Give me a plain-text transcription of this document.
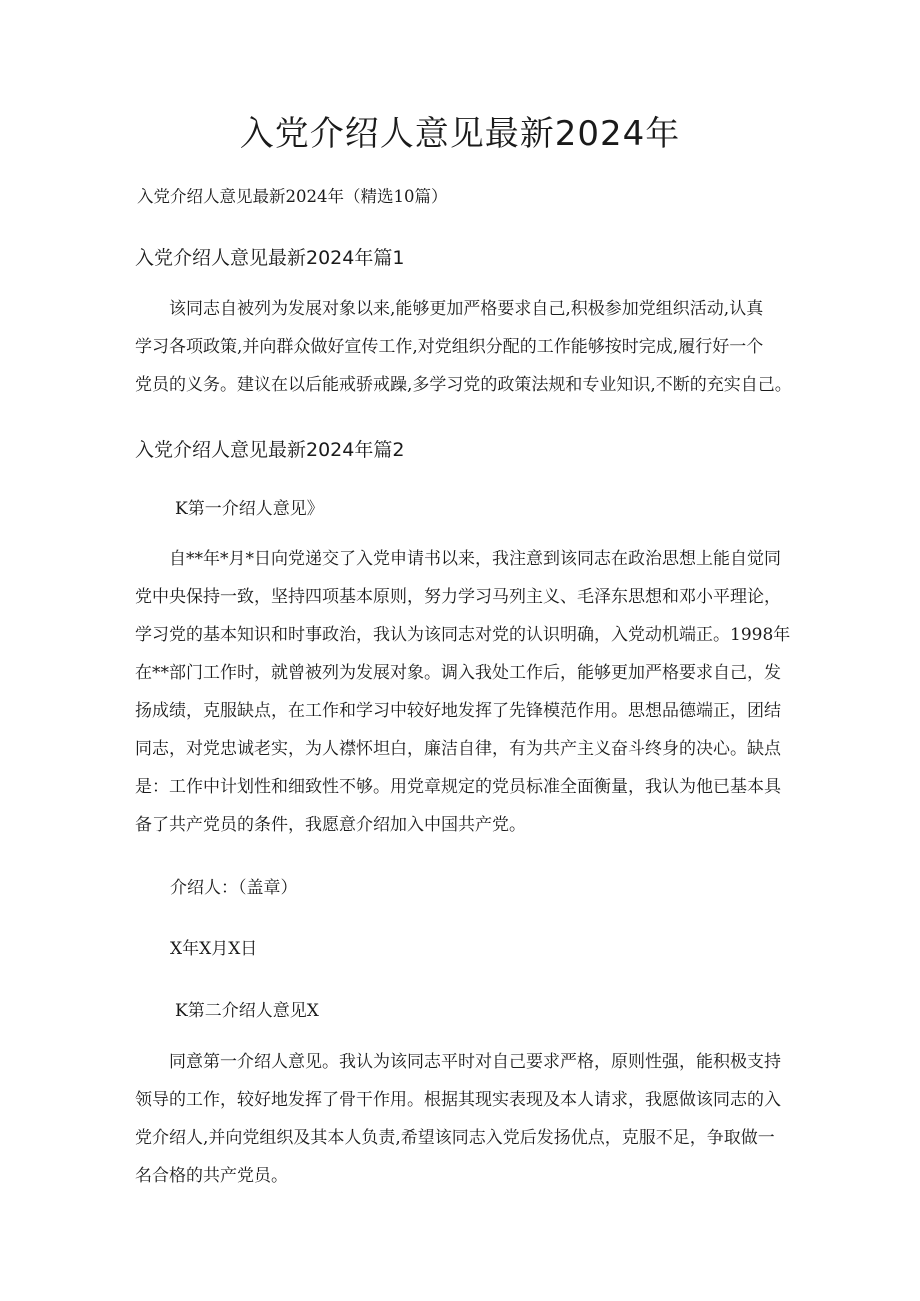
入党介绍人意见最新2024年

入党介绍人意见最新2024年（精选10篇）

入党介绍人意见最新2024年篇1
该同志自被列为发展对象以来,能够更加严格要求自己,积极参加党组织活动,认真
学习各项政策,并向群众做好宣传工作,对党组织分配的工作能够按时完成,履行好一个
党员的义务。建议在以后能戒骄戒躁,多学习党的政策法规和专业知识,不断的充实自己。
入党介绍人意见最新2024年篇2

K第一介绍人意见》

自**年*月*日向党递交了入党申请书以来，我注意到该同志在政治思想上能自觉同
党中央保持一致，坚持四项基本原则，努力学习马列主义、毛泽东思想和邓小平理论，
学习党的基本知识和时事政治，我认为该同志对党的认识明确，入党动机端正。1998年
在**部门工作时，就曾被列为发展对象。调入我处工作后，能够更加严格要求自己，发
扬成绩，克服缺点，在工作和学习中较好地发挥了先锋模范作用。思想品德端正，团结
同志，对党忠诚老实，为人襟怀坦白，廉洁自律，有为共产主义奋斗终身的决心。缺点
是：工作中计划性和细致性不够。用党章规定的党员标准全面衡量，我认为他已基本具
备了共产党员的条件，我愿意介绍加入中国共产党。

介绍人：（盖章）

X年X月X日

K第二介绍人意见X

同意第一介绍人意见。我认为该同志平时对自己要求严格，原则性强，能积极支持
领导的工作，较好地发挥了骨干作用。根据其现实表现及本人请求，我愿做该同志的入
党介绍人,并向党组织及其本人负责,希望该同志入党后发扬优点，克服不足，争取做一
名合格的共产党员。
